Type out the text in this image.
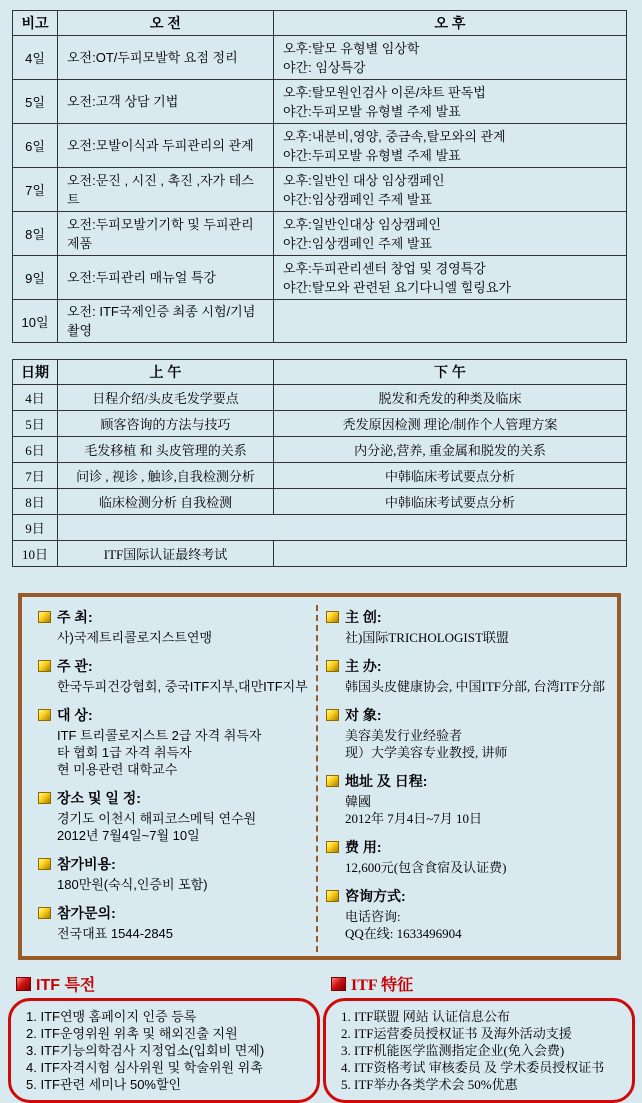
비고	오 전	오 후
4일	오전:OT/두피모발학 요점 정리	오후:탈모 유형별 임상학
야간: 임상특강

5일	오전:고객 상담 기법	오후:탈모원인검사 이론/챠트 판독법
야간:두피모발 유형별 주제 발표

6일	오전:모발이식과 두피관리의 관계	오후:내분비,영양, 중금속,탈모와의 관계
야간:두피모발 유형별 주제 발표

7일	오전:문진 , 시진 , 촉진 ,자가 테스트	오후:일반인 대상 임상캠페인
야간:임상캠페인 주제 발표

8일	오전:두피모발기기학 및 두피관리 제품	오후:일반인대상 임상캠페인
야간:임상캠페인 주제 발표

9일	오전:두피관리 매뉴얼 특강	오후:두피관리센터 창업 및 경영특강
야간:탈모와 관련된 요기다니엘 힐링요가

10일	오전: ITF국제인증 최종 시험/기념촬영	
日期	上 午	下 午
4日	日程介绍/头皮毛发学要点	脱发和秃发的种类及临床
5日	顾客咨询的方法与技巧	秃发原因检测 理论/制作个人管理方案
6日	毛发移植 和 头皮管理的关系	内分泌,营养, 重金属和脱发的关系
7日	问诊 , 视诊 , 触诊,自我检测分析	中韩临床考试要点分析
8日	临床检测分析 自我检测	中韩临床考试要点分析
9日		
10日	ITF国际认证最终考试	
주 최:
사)국제트리콜로지스트연맹
주 관:
한국두피건강협회, 중국ITF지부,대만ITF지부
대 상:
ITF 트리콜로지스트 2급 자격 취득자
타 협회 1급 자격 취득자
현 미용관련 대학교수
장소 및 일 정:
경기도 이천시 해피코스메틱 연수원
2012년 7월4일~7월 10일
참가비용:
180만원(숙식,인증비 포함)
참가문의:
전국대표 1544-2845
主 创:
社)国际TRICHOLOGIST联盟
主 办:
韩国头皮健康协会, 中国ITF分部, 台湾ITF分部
对 象:
美容美发行业经验者
现）大学美容专业教授, 讲师
地址 及 日程:
韓國
2012年 7月4日~7月 10日
费 用:
12,600元(包含食宿及认证费)
咨询方式:
电话咨询:
QQ在线: 1633496904
ITF 특전
1. ITF연맹 홈페이지 인증 등록
2. ITF운영위원 위촉 및 해외진출 지원
3. ITF기능의학검사 지정업소(입회비 면제)
4. ITF자격시험 심사위원 및 학술위원 위촉
5. ITF관련 세미나 50%할인
ITF 特征
1. ITF联盟 网站 认证信息公布
2. ITF运营委员授权证书 及海外活动支援
3. ITF机能医学监测指定企业(免入会费)
4. ITF资格考试 审核委员 及 学术委员授权证书
5. ITF举办各类学术会 50%优惠
